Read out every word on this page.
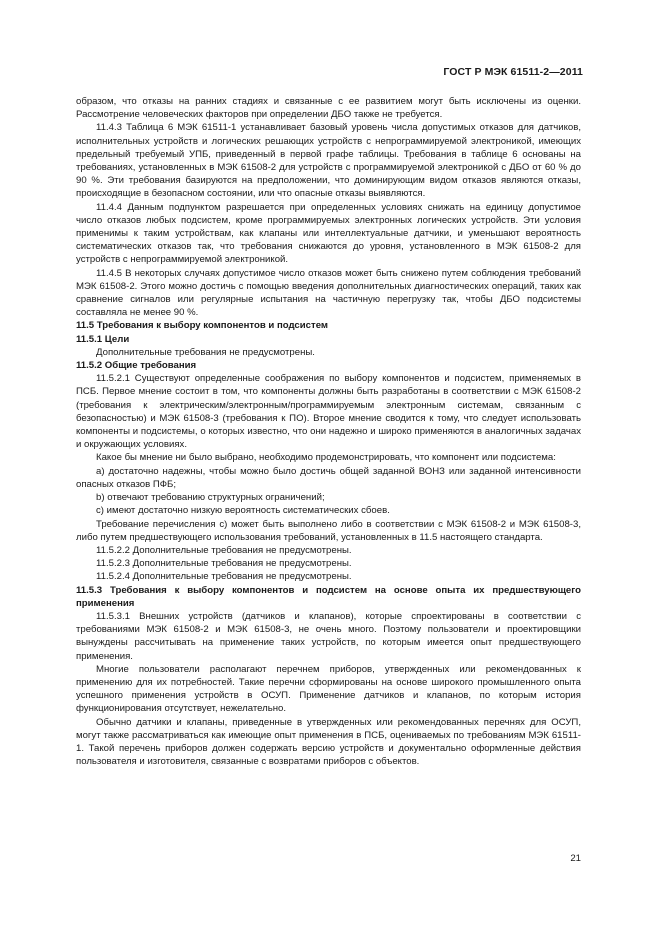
ГОСТ Р МЭК 61511-2—2011

образом, что отказы на ранних стадиях и связанные с ее развитием могут быть исключены из оценки. Рассмотрение человеческих факторов при определении ДБО также не требуется.

11.4.3 Таблица 6 МЭК 61511-1 устанавливает базовый уровень числа допустимых отказов для датчиков, исполнительных устройств и логических решающих устройств с непрограммируемой электроникой, имеющих предельный требуемый УПБ, приведенный в первой графе таблицы. Требования в таблице 6 основаны на требованиях, установленных в МЭК 61508-2 для устройств с программируемой электроникой с ДБО от 60 % до 90 %. Эти требования базируются на предположении, что доминирующим видом отказов являются отказы, происходящие в безопасном состоянии, или что опасные отказы выявляются.

11.4.4 Данным подпунктом разрешается при определенных условиях снижать на единицу допустимое число отказов любых подсистем, кроме программируемых электронных логических устройств. Эти условия применимы к таким устройствам, как клапаны или интеллектуальные датчики, и уменьшают вероятность систематических отказов так, что требования снижаются до уровня, установленного в МЭК 61508-2 для устройств с непрограммируемой электроникой.

11.4.5 В некоторых случаях допустимое число отказов может быть снижено путем соблюдения требований МЭК 61508-2. Этого можно достичь с помощью введения дополнительных диагностических операций, таких как сравнение сигналов или регулярные испытания на частичную перегрузку так, чтобы ДБО подсистемы составляла не менее 90 %.

11.5 Требования к выбору компонентов и подсистем

11.5.1 Цели

Дополнительные требования не предусмотрены.

11.5.2 Общие требования

11.5.2.1 Существуют определенные соображения по выбору компонентов и подсистем, применяемых в ПСБ. Первое мнение состоит в том, что компоненты должны быть разработаны в соответствии с МЭК 61508-2 (требования к электрическим/электронным/программируемым электронным системам, связанным с безопасностью) и МЭК 61508-3 (требования к ПО). Второе мнение сводится к тому, что следует использовать компоненты и подсистемы, о которых известно, что они надежно и широко применяются в аналогичных задачах и окружающих условиях.

Какое бы мнение ни было выбрано, необходимо продемонстрировать, что компонент или подсистема:

а) достаточно надежны, чтобы можно было достичь общей заданной ВОНЗ или заданной интенсивности опасных отказов ПФБ;

b) отвечают требованию структурных ограничений;

с) имеют достаточно низкую вероятность систематических сбоев.

Требование перечисления с) может быть выполнено либо в соответствии с МЭК 61508-2 и МЭК 61508-3, либо путем предшествующего использования требований, установленных в 11.5 настоящего стандарта.

11.5.2.2 Дополнительные требования не предусмотрены.

11.5.2.3 Дополнительные требования не предусмотрены.

11.5.2.4 Дополнительные требования не предусмотрены.

11.5.3 Требования к выбору компонентов и подсистем на основе опыта их предшествующего применения

11.5.3.1 Внешних устройств (датчиков и клапанов), которые спроектированы в соответствии с требованиями МЭК 61508-2 и МЭК 61508-3, не очень много. Поэтому пользователи и проектировщики вынуждены рассчитывать на применение таких устройств, по которым имеется опыт предшествующего применения.

Многие пользователи располагают перечнем приборов, утвержденных или рекомендованных к применению для их потребностей. Такие перечни сформированы на основе широкого промышленного опыта успешного применения устройств в ОСУП. Применение датчиков и клапанов, по которым история функционирования отсутствует, нежелательно.

Обычно датчики и клапаны, приведенные в утвержденных или рекомендованных перечнях для ОСУП, могут также рассматриваться как имеющие опыт применения в ПСБ, оцениваемых по требованиям МЭК 61511-1. Такой перечень приборов должен содержать версию устройств и документально оформленные действия пользователя и изготовителя, связанные с возвратами приборов с объектов.

21
